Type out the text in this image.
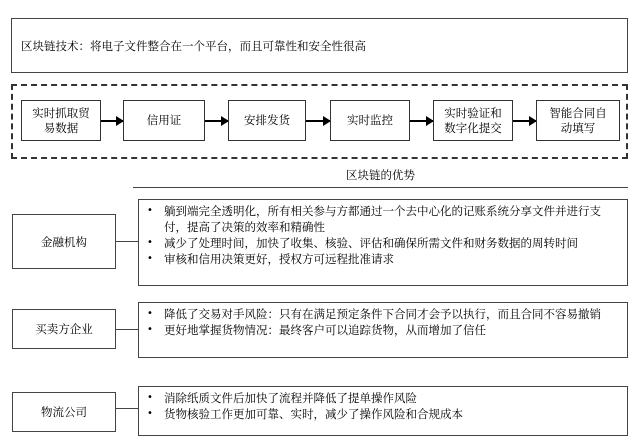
区块链技术：将电子文件整合在一个平台，而且可靠性和安全性很高
实时抓取贸
易数据
信用证	安排发货	实时监控
实时验证和
数字化提交
智能合同自
动填写
区块链的优势
金融机构
• 躺到端完全透明化，所有相关参与方都通过一个去中心化的记账系统分享文件并进行支付，提高了决策的效率和精确性
• 减少了处理时间，加快了收集、核验、评估和确保所需文件和财务数据的周转时间
• 审核和信用决策更好，授权方可远程批准请求
买卖方企业
• 降低了交易对手风险：只有在满足预定条件下合同才会予以执行，而且合同不容易撤销
• 更好地掌握货物情况：最终客户可以追踪货物，从而增加了信任
物流公司
• 消除纸质文件后加快了流程并降低了提单操作风险
• 货物核验工作更加可靠、实时，减少了操作风险和合规成本
